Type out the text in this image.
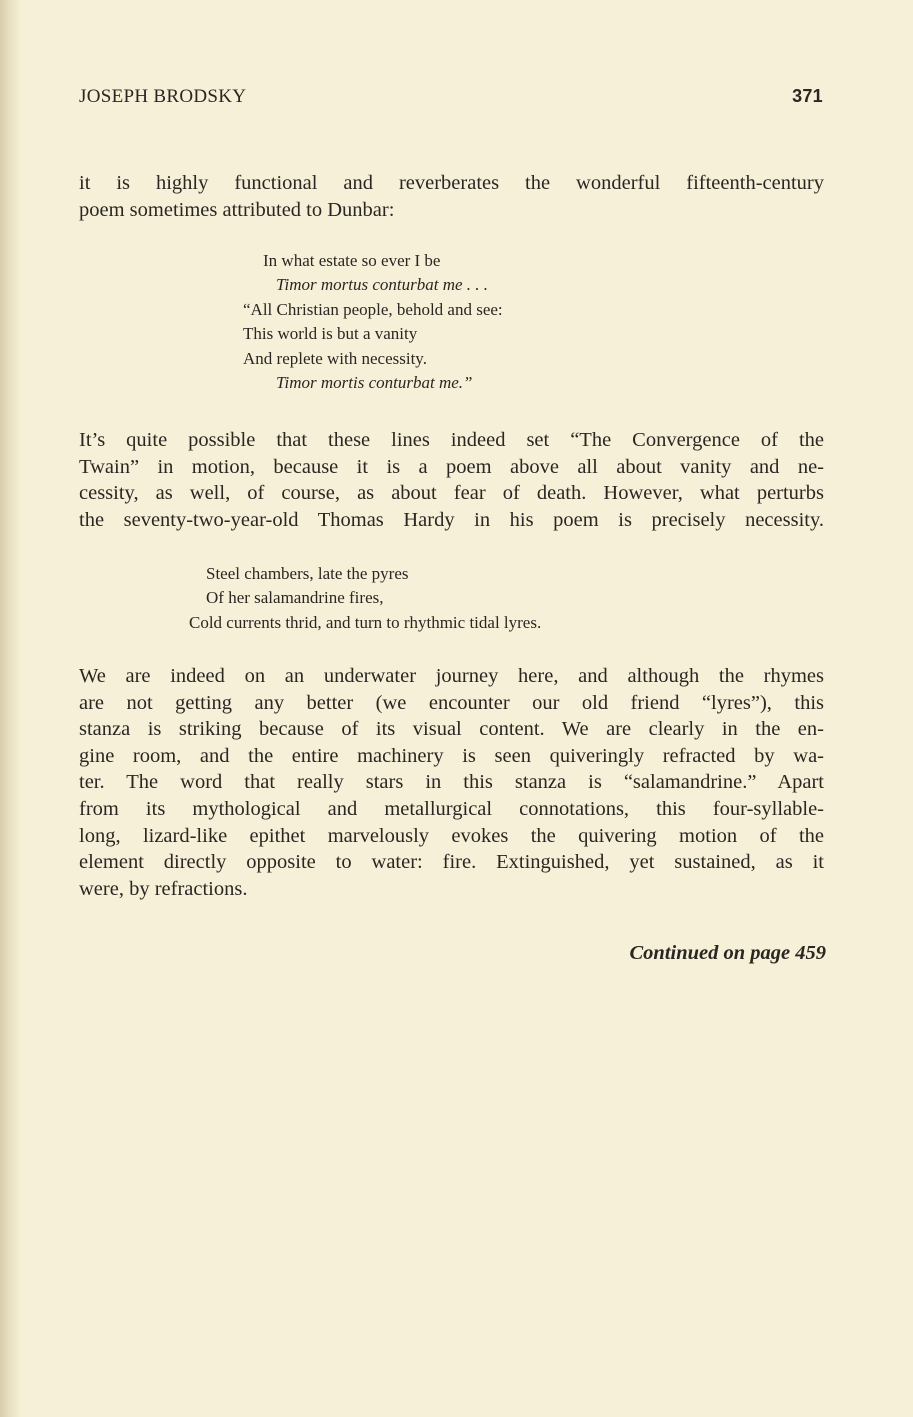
JOSEPH BRODSKY	371
it is highly functional and reverberates the wonderful fifteenth-century
poem sometimes attributed to Dunbar:
In what estate so ever I be
Timor mortus conturbat me . . .
“All Christian people, behold and see:
This world is but a vanity
And replete with necessity.
Timor mortis conturbat me.”
It’s quite possible that these lines indeed set “The Convergence of the
Twain” in motion, because it is a poem above all about vanity and ne-
cessity, as well, of course, as about fear of death. However, what perturbs
the seventy-two-year-old Thomas Hardy in his poem is precisely necessity.
Steel chambers, late the pyres
Of her salamandrine fires,
Cold currents thrid, and turn to rhythmic tidal lyres.
We are indeed on an underwater journey here, and although the rhymes
are not getting any better (we encounter our old friend “lyres”), this
stanza is striking because of its visual content. We are clearly in the en-
gine room, and the entire machinery is seen quiveringly refracted by wa-
ter. The word that really stars in this stanza is “salamandrine.” Apart
from its mythological and metallurgical connotations, this four-syllable-
long, lizard-like epithet marvelously evokes the quivering motion of the
element directly opposite to water: fire. Extinguished, yet sustained, as it
were, by refractions.
Continued on page 459
